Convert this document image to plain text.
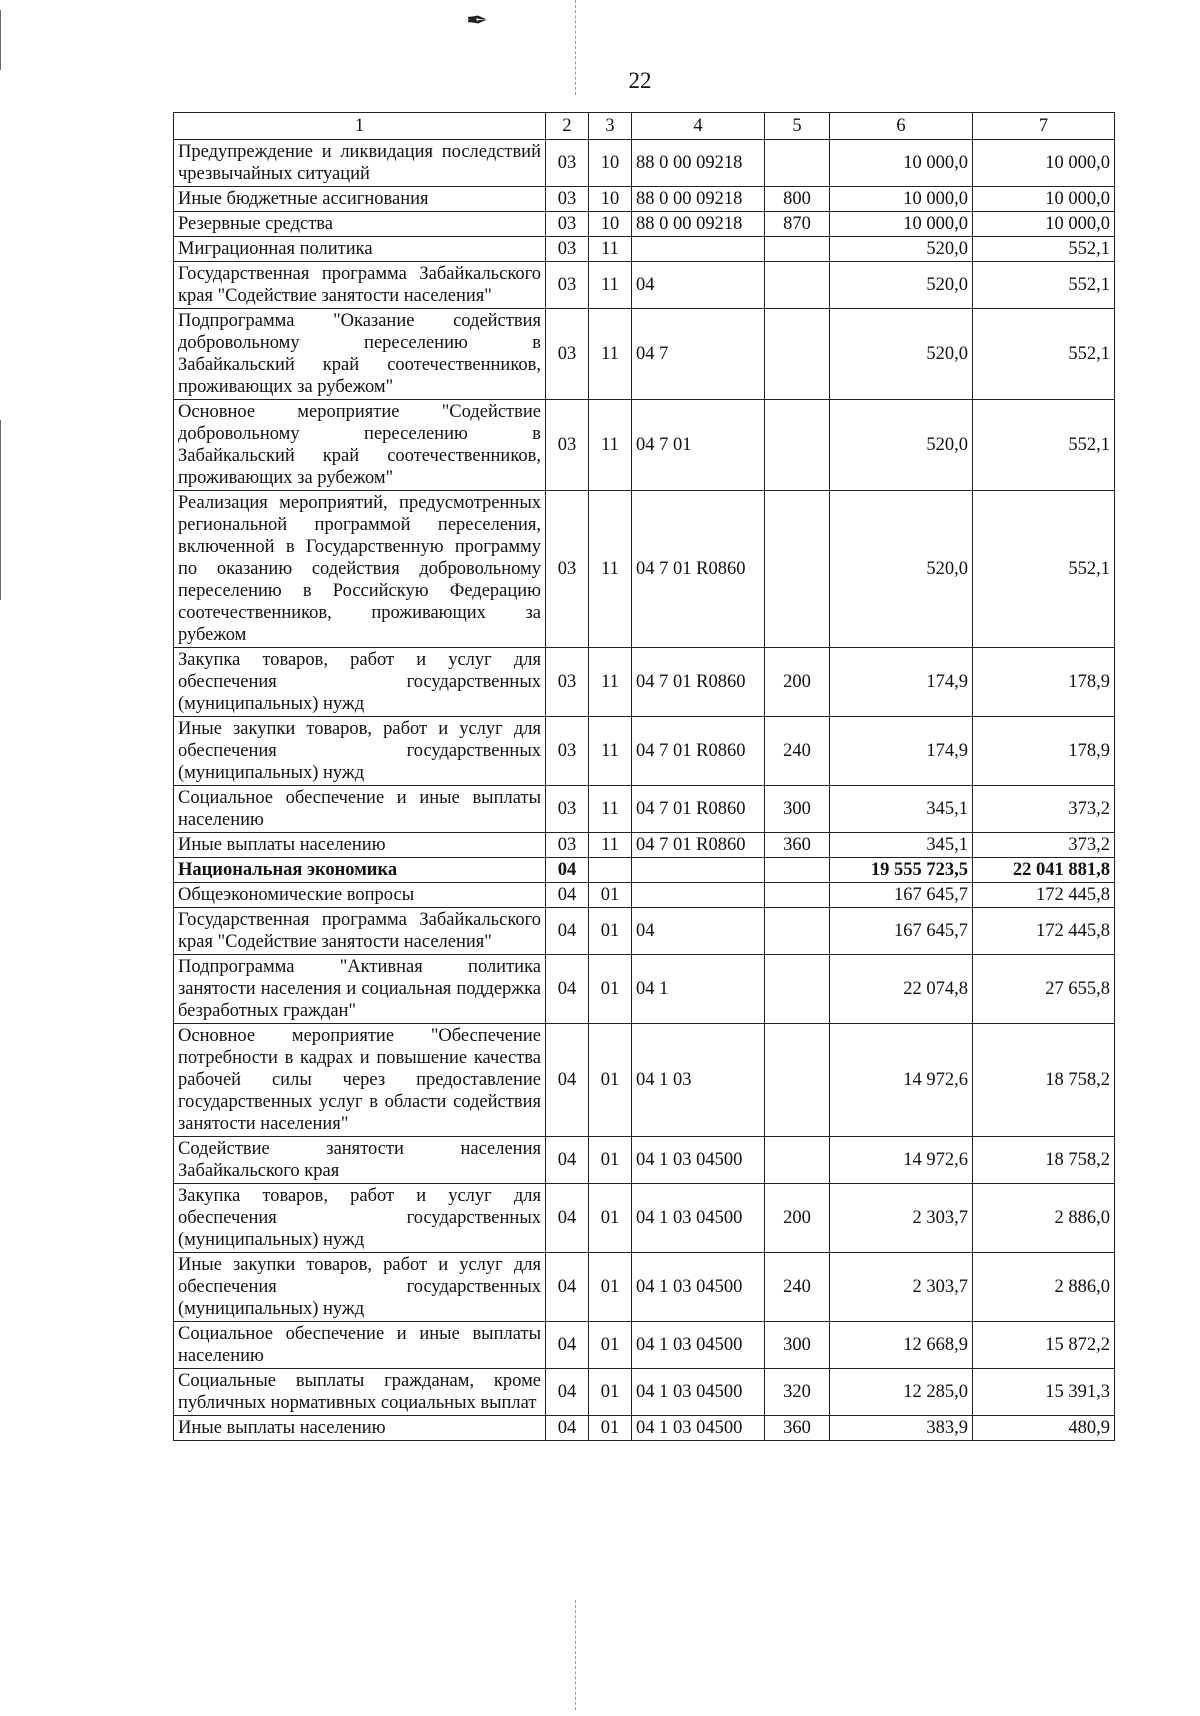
✒
22
1	2	3	4	5	6	7
Предупреждение и ликвидация последствий чрезвычайных ситуаций	03	10	88 0 00 09218		10 000,0	10 000,0
Иные бюджетные ассигнования	03	10	88 0 00 09218	800	10 000,0	10 000,0
Резервные средства	03	10	88 0 00 09218	870	10 000,0	10 000,0
Миграционная политика	03	11			520,0	552,1
Государственная программа Забайкальского края "Содействие занятости населения"	03	11	04		520,0	552,1
Подпрограмма "Оказание содействия добровольному переселению в Забайкальский край соотечественников, проживающих за рубежом"	03	11	04 7		520,0	552,1
Основное мероприятие "Содействие добровольному переселению в Забайкальский край соотечественников, проживающих за рубежом"	03	11	04 7 01		520,0	552,1
Реализация мероприятий, предусмотренных региональной программой переселения, включенной в Государственную программу по оказанию содействия добровольному переселению в Российскую Федерацию соотечественников, проживающих за рубежом	03	11	04 7 01 R0860		520,0	552,1
Закупка товаров, работ и услуг для обеспечения государственных (муниципальных) нужд	03	11	04 7 01 R0860	200	174,9	178,9
Иные закупки товаров, работ и услуг для обеспечения государственных (муниципальных) нужд	03	11	04 7 01 R0860	240	174,9	178,9
Социальное обеспечение и иные выплаты населению	03	11	04 7 01 R0860	300	345,1	373,2
Иные выплаты населению	03	11	04 7 01 R0860	360	345,1	373,2
Национальная экономика	04				19 555 723,5	22 041 881,8
Общеэкономические вопросы	04	01			167 645,7	172 445,8
Государственная программа Забайкальского края "Содействие занятости населения"	04	01	04		167 645,7	172 445,8
Подпрограмма "Активная политика занятости населения и социальная поддержка безработных граждан"	04	01	04 1		22 074,8	27 655,8
Основное мероприятие "Обеспечение потребности в кадрах и повышение качества рабочей силы через предоставление государственных услуг в области содействия занятости населения"	04	01	04 1 03		14 972,6	18 758,2
Содействие занятости населения Забайкальского края	04	01	04 1 03 04500		14 972,6	18 758,2
Закупка товаров, работ и услуг для обеспечения государственных (муниципальных) нужд	04	01	04 1 03 04500	200	2 303,7	2 886,0
Иные закупки товаров, работ и услуг для обеспечения государственных (муниципальных) нужд	04	01	04 1 03 04500	240	2 303,7	2 886,0
Социальное обеспечение и иные выплаты населению	04	01	04 1 03 04500	300	12 668,9	15 872,2
Социальные выплаты гражданам, кроме публичных нормативных социальных выплат	04	01	04 1 03 04500	320	12 285,0	15 391,3
Иные выплаты населению	04	01	04 1 03 04500	360	383,9	480,9
